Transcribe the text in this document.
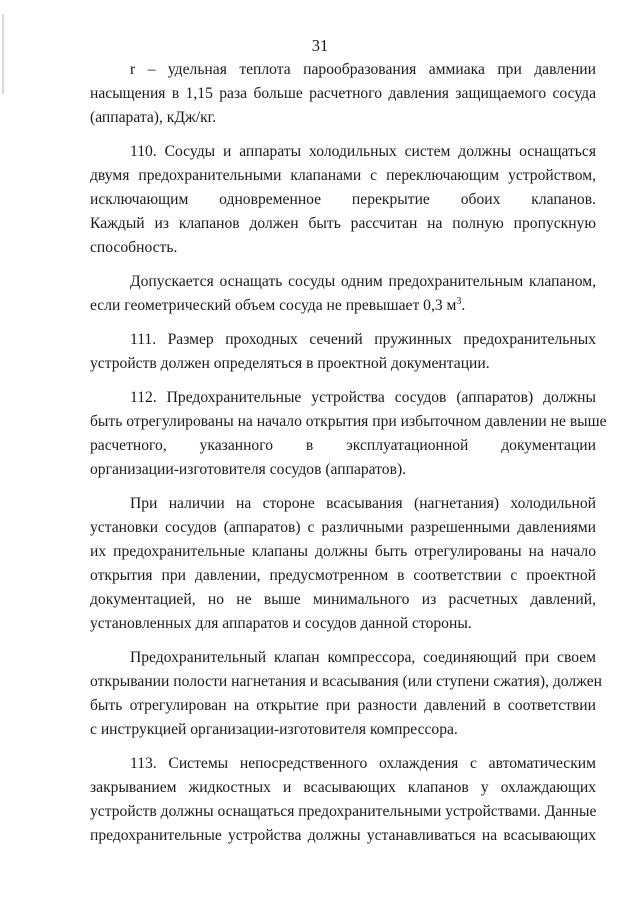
31
r – удельная теплота парообразования аммиака при давлении
насыщения в 1,15 раза больше расчетного давления защищаемого сосуда
(аппарата), кДж/кг.
110. Сосуды и аппараты холодильных систем должны оснащаться
двумя предохранительными клапанами с переключающим устройством,
исключающим одновременное перекрытие обоих клапанов.
Каждый из клапанов должен быть рассчитан на полную пропускную
способность.
Допускается оснащать сосуды одним предохранительным клапаном,
если геометрический объем сосуда не превышает 0,3 $м^3$.
111. Размер проходных сечений пружинных предохранительных
устройств должен определяться в проектной документации.
112. Предохранительные устройства сосудов (аппаратов) должны
быть отрегулированы на начало открытия при избыточном давлении не выше
расчетного, указанного в эксплуатационной документации
организации-изготовителя сосудов (аппаратов).
При наличии на стороне всасывания (нагнетания) холодильной
установки сосудов (аппаратов) с различными разрешенными давлениями
их предохранительные клапаны должны быть отрегулированы на начало
открытия при давлении, предусмотренном в соответствии с проектной
документацией, но не выше минимального из расчетных давлений,
установленных для аппаратов и сосудов данной стороны.
Предохранительный клапан компрессора, соединяющий при своем
открывании полости нагнетания и всасывания (или ступени сжатия), должен
быть отрегулирован на открытие при разности давлений в соответствии
с инструкцией организации-изготовителя компрессора.
113. Системы непосредственного охлаждения с автоматическим
закрыванием жидкостных и всасывающих клапанов у охлаждающих
устройств должны оснащаться предохранительными устройствами. Данные
предохранительные устройства должны устанавливаться на всасывающих
